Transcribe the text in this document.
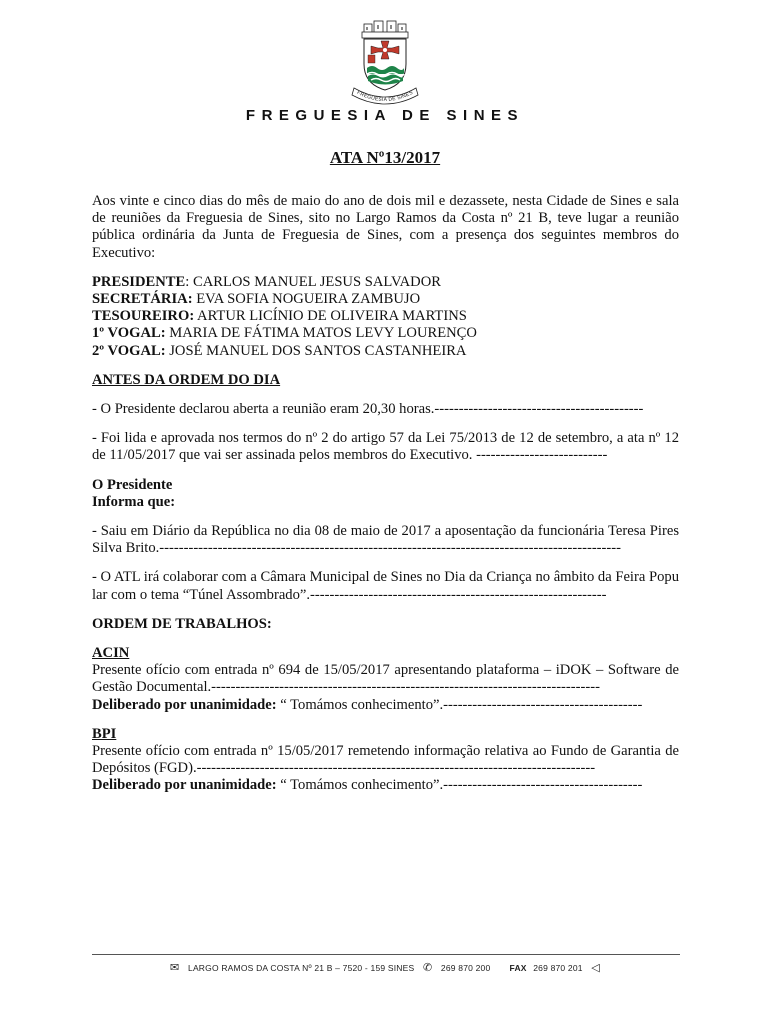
FREGUESIA DE SINES
FREGUESIA DE SINES
ATA Nº13/2017

Aos vinte e cinco dias do mês de maio do ano de dois mil e dezassete, nesta Cidade de Sines e sala de reuniões da Freguesia de Sines, sito no Largo Ramos da Costa nº 21 B, teve lugar a reunião pública ordinária da Junta de Freguesia de Sines, com a presença dos seguintes membros do Executivo:

PRESIDENTE: CARLOS MANUEL JESUS SALVADOR
SECRETÁRIA: EVA SOFIA NOGUEIRA ZAMBUJO
TESOUREIRO: ARTUR LICÍNIO DE OLIVEIRA MARTINS
1º VOGAL: MARIA DE FÁTIMA MATOS LEVY LOURENÇO
2º VOGAL: JOSÉ MANUEL DOS SANTOS CASTANHEIRA
ANTES DA ORDEM DO DIA

- O Presidente declarou aberta a reunião eram 20,30 horas.-------------------------------------------

- Foi lida e aprovada nos termos do nº 2 do artigo 57 da Lei 75/2013 de 12 de setembro, a ata nº 12 de 11/05/2017 que vai ser assinada pelos membros do Executivo. ---------------------------

O Presidente
Informa que:

- Saiu em Diário da República no dia 08 de maio de 2017 a aposentação da funcionária Teresa Pires Silva Brito.-----------------------------------------------------------------------------------------------

- O ATL irá colaborar com a Câmara Municipal de Sines no Dia da Criança no âmbito da Feira Popular com o tema “Túnel Assombrado”.-------------------------------------------------------------

ORDEM DE TRABALHOS:
ACIN

Presente ofício com entrada nº 694 de 15/05/2017 apresentando plataforma – iDOK – Software de Gestão Documental.--------------------------------------------------------------------------------

Deliberado por unanimidade: “ Tomámos conhecimento”.-----------------------------------------

BPI

Presente ofício com entrada nº 15/05/2017 remetendo informação relativa ao Fundo de Garantia de Depósitos (FGD).----------------------------------------------------------------------------------

Deliberado por unanimidade: “ Tomámos conhecimento”.-----------------------------------------

✉ LARGO RAMOS DA COSTA Nº 21 B – 7520 - 159 SINES ✆ 269 870 200 FAX 269 870 201 ◁
